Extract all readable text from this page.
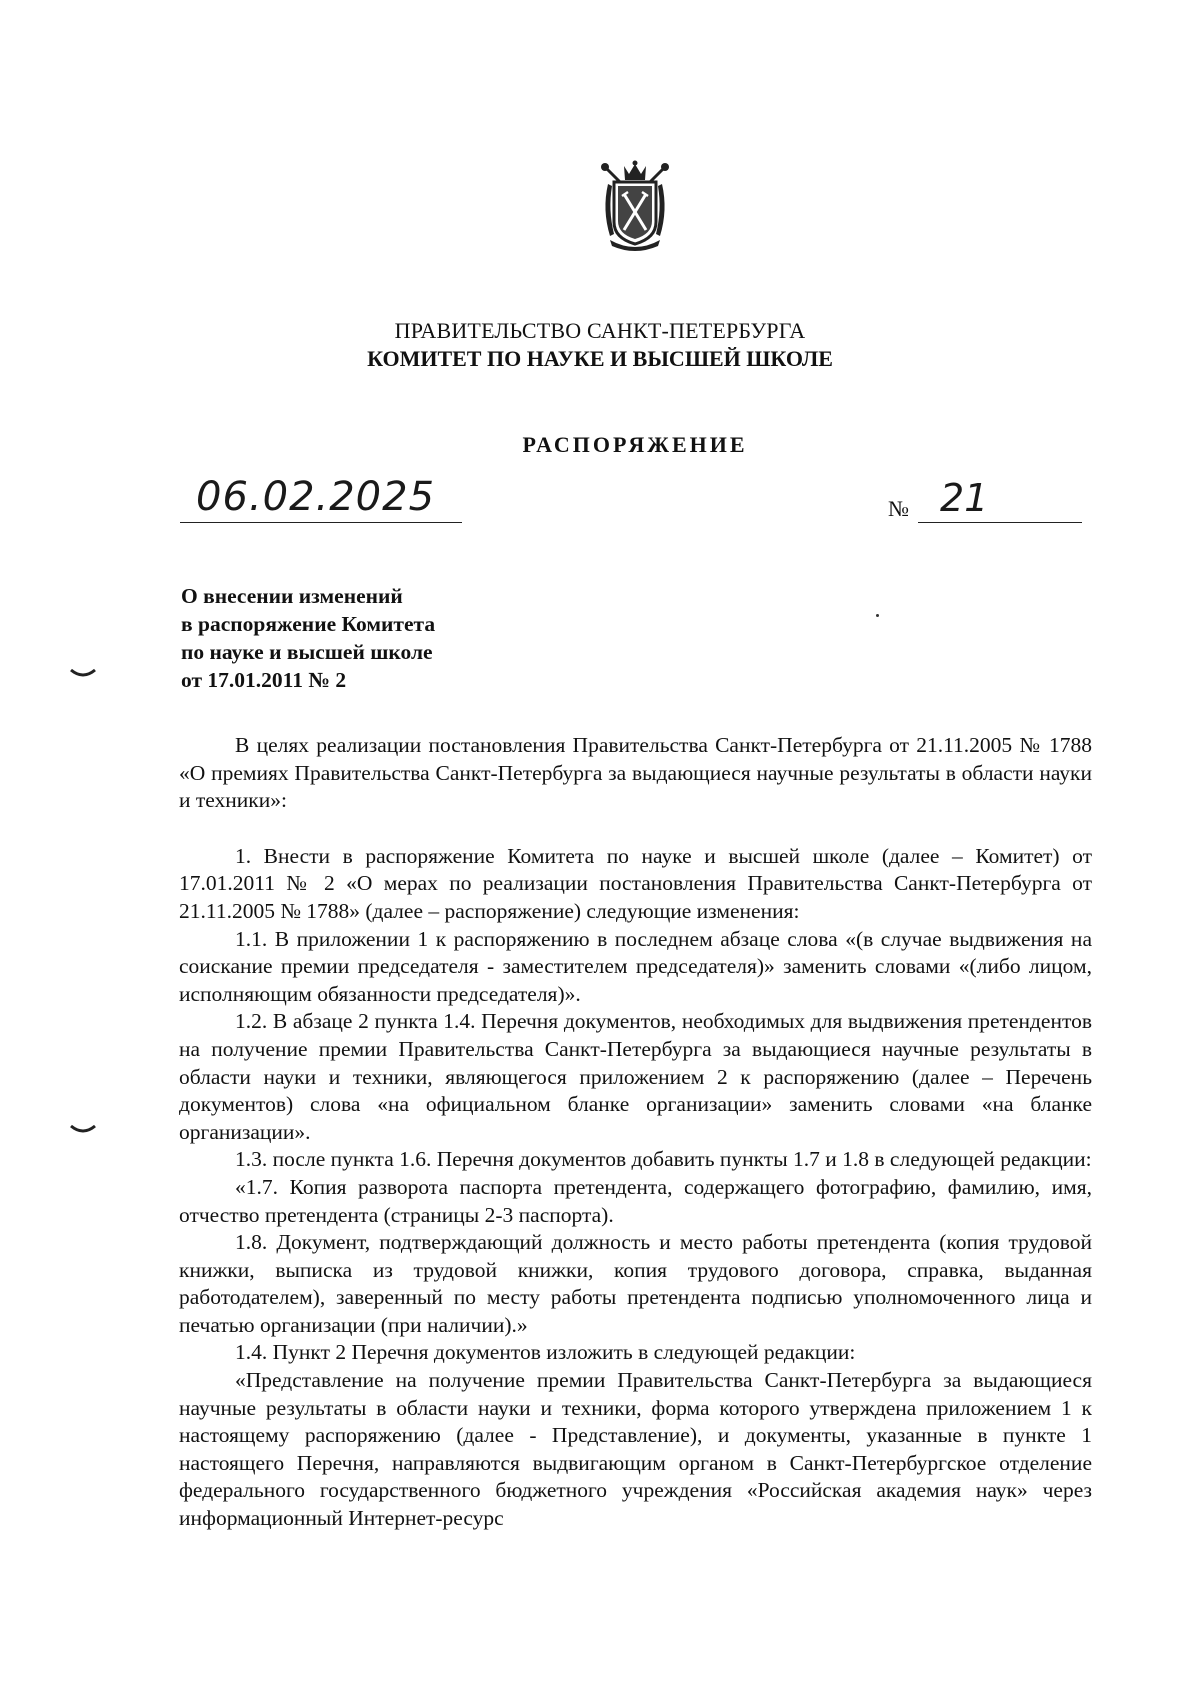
ПРАВИТЕЛЬСТВО САНКТ-ПЕТЕРБУРГА
КОМИТЕТ ПО НАУКЕ И ВЫСШЕЙ ШКОЛЕ
РАСПОРЯЖЕНИЕ
06.02.2025	№ 21
О внесении изменений
в распоряжение Комитета
по науке и высшей школе
от 17.01.2011 № 2

В целях реализации постановления Правительства Санкт-Петербурга от 21.11.2005 № 1788 «О премиях Правительства Санкт-Петербурга за выдающиеся научные результаты в области науки и техники»:

1. Внести в распоряжение Комитета по науке и высшей школе (далее – Комитет) от 17.01.2011 № 2 «О мерах по реализации постановления Правительства Санкт-Петербурга от 21.11.2005 № 1788» (далее – распоряжение) следующие изменения:

1.1. В приложении 1 к распоряжению в последнем абзаце слова «(в случае выдвижения на соискание премии председателя - заместителем председателя)» заменить словами «(либо лицом, исполняющим обязанности председателя)».

1.2. В абзаце 2 пункта 1.4. Перечня документов, необходимых для выдвижения претендентов на получение премии Правительства Санкт-Петербурга за выдающиеся научные результаты в области науки и техники, являющегося приложением 2 к распоряжению (далее – Перечень документов) слова «на официальном бланке организации» заменить словами «на бланке организации».

1.3. после пункта 1.6. Перечня документов добавить пункты 1.7 и 1.8 в следующей редакции:

«1.7. Копия разворота паспорта претендента, содержащего фотографию, фамилию, имя, отчество претендента (страницы 2-3 паспорта).

1.8. Документ, подтверждающий должность и место работы претендента (копия трудовой книжки, выписка из трудовой книжки, копия трудового договора, справка, выданная работодателем), заверенный по месту работы претендента подписью уполномоченного лица и печатью организации (при наличии).»

1.4. Пункт 2 Перечня документов изложить в следующей редакции:

«Представление на получение премии Правительства Санкт-Петербурга за выдающиеся научные результаты в области науки и техники, форма которого утверждена приложением 1 к настоящему распоряжению (далее - Представление), и документы, указанные в пункте 1 настоящего Перечня, направляются выдвигающим органом в Санкт-Петербургское отделение федерального государственного бюджетного учреждения «Российская академия наук» через информационный Интернет-ресурс
